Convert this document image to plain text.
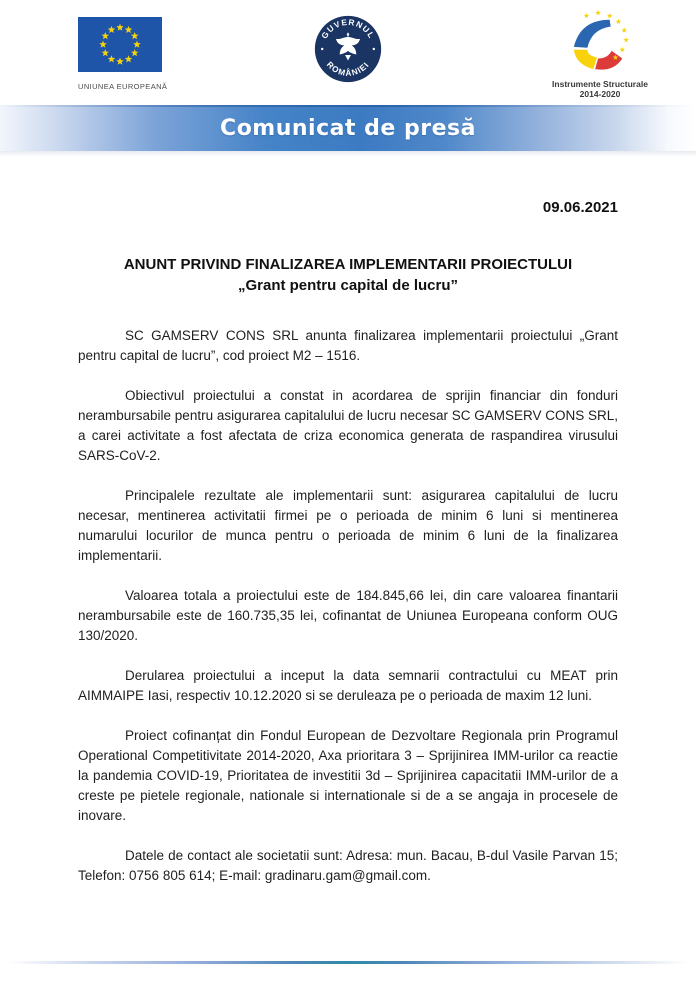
UNIUNEA EUROPEANĂ
GUVERNUL
ROMÂNIEI
Instrumente Structurale
2014-2020
Comunicat de presă
09.06.2021
ANUNT PRIVIND FINALIZAREA IMPLEMENTARII PROIECTULUI
„Grant pentru capital de lucru”

SC GAMSERV CONS SRL anunta finalizarea implementarii proiectului „Grant pentru capital de lucru”, cod proiect M2 – 1516.

Obiectivul proiectului a constat in acordarea de sprijin financiar din fonduri nerambursabile pentru asigurarea capitalului de lucru necesar SC GAMSERV CONS SRL, a carei activitate a fost afectata de criza economica generata de raspandirea virusului SARS-CoV-2.

Principalele rezultate ale implementarii sunt: asigurarea capitalului de lucru necesar, mentinerea activitatii firmei pe o perioada de minim 6 luni si mentinerea numarului locurilor de munca pentru o perioada de minim 6 luni de la finalizarea implementarii.

Valoarea totala a proiectului este de 184.845,66 lei, din care valoarea finantarii nerambursabile este de 160.735,35 lei, cofinantat de Uniunea Europeana conform OUG 130/2020.

Derularea proiectului a inceput la data semnarii contractului cu MEAT prin AIMMAIPE Iasi, respectiv 10.12.2020 si se deruleaza pe o perioada de maxim 12 luni.

Proiect cofinanțat din Fondul European de Dezvoltare Regionala prin Programul Operational Competitivitate 2014-2020, Axa prioritara 3 – Sprijinirea IMM-urilor ca reactie la pandemia COVID-19, Prioritatea de investitii 3d – Sprijinirea capacitatii IMM-urilor de a creste pe pietele regionale, nationale si internationale si de a se angaja in procesele de inovare.

Datele de contact ale societatii sunt: Adresa: mun. Bacau, B-dul Vasile Parvan 15; Telefon: 0756 805 614; E-mail: gradinaru.gam@gmail.com.
